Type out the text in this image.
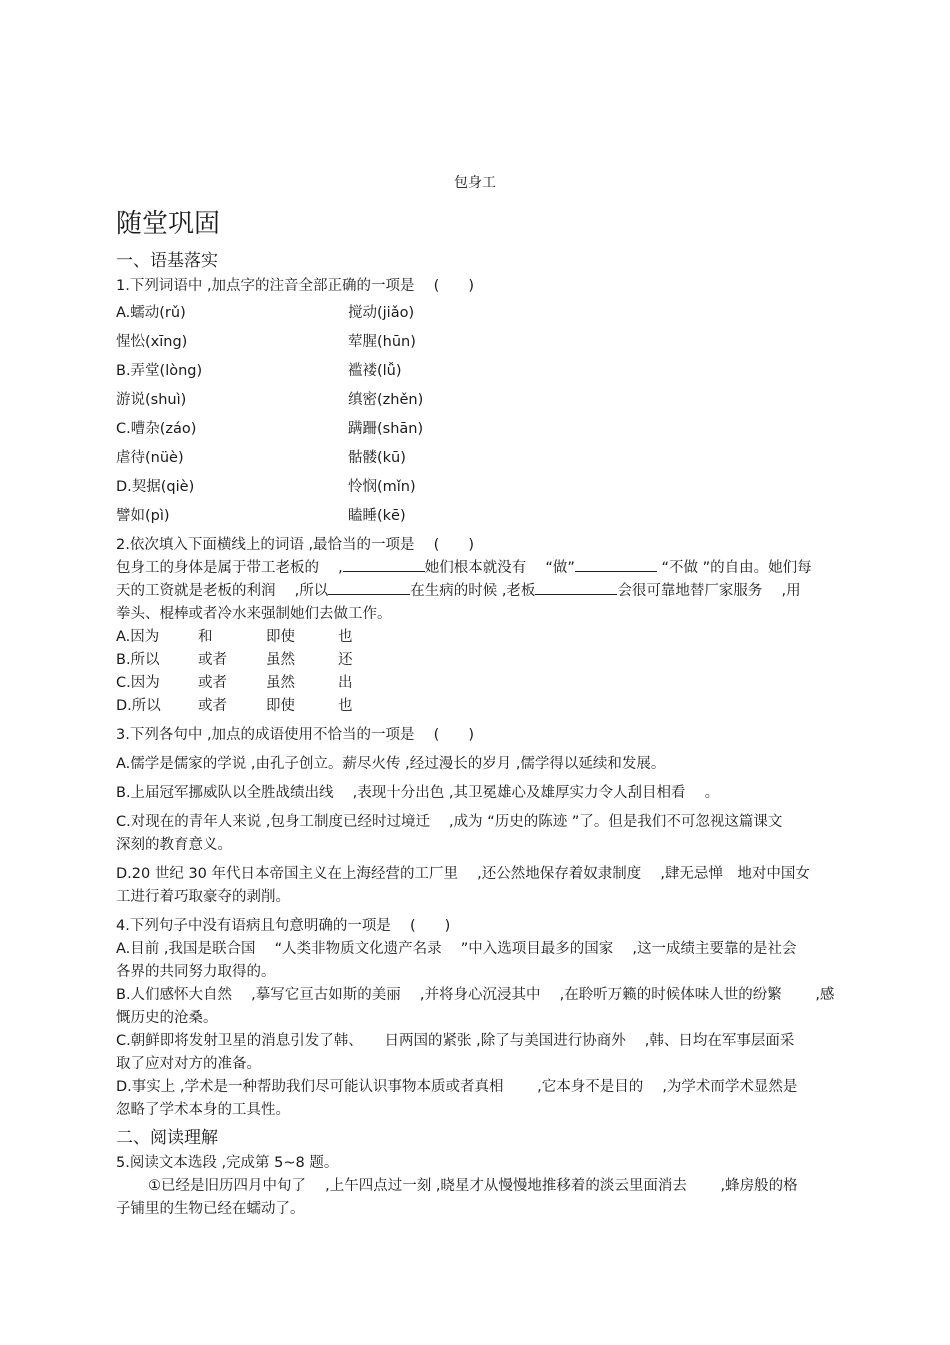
包身工
随堂巩固
一、语基落实

1.下列词语中 ,加点字的注音全部正确的一项是　 (　　)

A.蠕动(rǔ)	搅动(jiǎo)
惺忪(xīng)	荤腥(hūn)
B.弄堂(lòng)	褴褛(lǚ)
游说(shuì)	缜密(zhěn)
C.嘈杂(záo)	蹒跚(shān)
虐待(nüè)	骷髅(kū)
D.契据(qiè)	怜悯(mǐn)
譬如(pì)	瞌睡(kē)

2.依次填入下面横线上的词语 ,最恰当的一项是　 (　　)

包身工的身体是属于带工老板的　 ,	她们根本就没有　 “做”	“不做 ”的自由。她们每

天的工资就是老板的利润　 ,所以	在生病的时候 ,老板	会很可靠地替厂家服务　 ,用

拳头、棍棒或者冷水来强制她们去做工作。

A.因为	和	即使	也
B.所以	或者	虽然	还
C.因为	或者	虽然	出
D.所以	或者	即使	也

3.下列各句中 ,加点的成语使用不恰当的一项是　 (　　)

A.儒学是儒家的学说 ,由孔子创立。薪尽火传 ,经过漫长的岁月 ,儒学得以延续和发展。

B.上届冠军挪威队以全胜战绩出线　 ,表现十分出色 ,其卫冕雄心及雄厚实力令人刮目相看　 。

C.对现在的青年人来说 ,包身工制度已经时过境迁　 ,成为 “历史的陈迹 ”了。但是我们不可忽视这篇课文

深刻的教育意义。

D.20 世纪 30 年代日本帝国主义在上海经营的工厂里　 ,还公然地保存着奴隶制度　 ,肆无忌惮　地对中国女

工进行着巧取豪夺的剥削。

4.下列句子中没有语病且句意明确的一项是　 (　　)

A.目前 ,我国是联合国　 “人类非物质文化遗产名录　 ”中入选项目最多的国家　 ,这一成绩主要靠的是社会

各界的共同努力取得的。

B.人们感怀大自然　 ,摹写它亘古如斯的美丽　 ,并将身心沉浸其中　 ,在聆听万籁的时候体味人世的纷繁　　 ,感

慨历史的沧桑。

C.朝鲜即将发射卫星的消息引发了韩、　　日两国的紧张 ,除了与美国进行协商外　 ,韩、日均在军事层面采

取了应对对方的准备。

D.事实上 ,学术是一种帮助我们尽可能认识事物本质或者真相　　 ,它本身不是目的　 ,为学术而学术显然是

忽略了学术本身的工具性。

二、阅读理解

5.阅读文本选段 ,完成第 5~8 题。

①已经是旧历四月中旬了　 ,上午四点过一刻 ,晓星才从慢慢地推移着的淡云里面消去　　 ,蜂房般的格

子铺里的生物已经在蠕动了。
